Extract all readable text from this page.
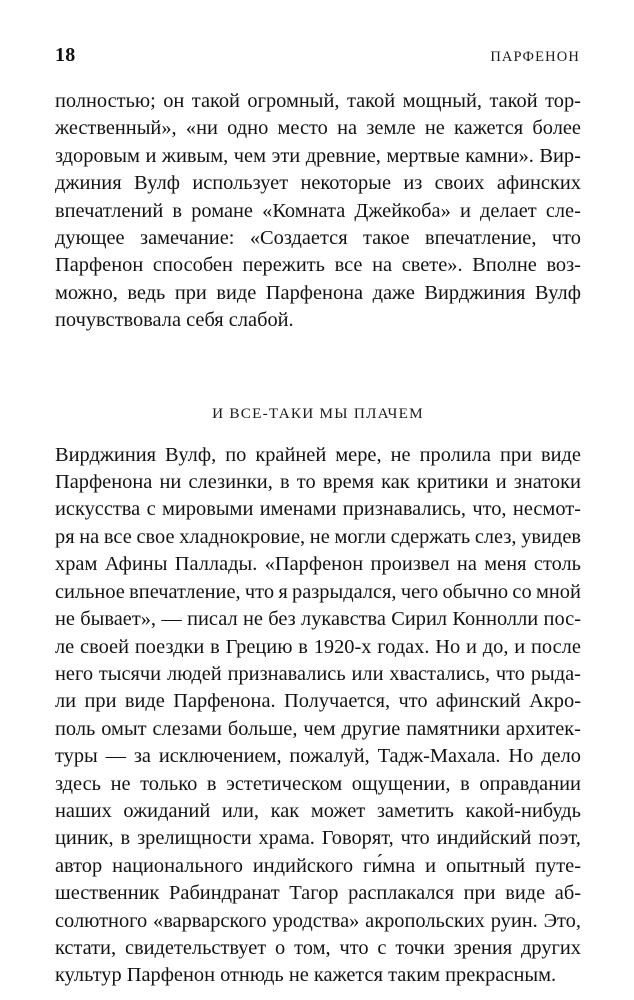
18	ПАРФЕНОН

полностью; он такой огромный, такой мощный, такой тор-
жественный», «ни одно место на земле не кажется более
здоровым и живым, чем эти древние, мертвые камни». Вир-
джиния Вулф использует некоторые из своих афинских
впечатлений в романе «Комната Джейкоба» и делает сле-
дующее замечание: «Создается такое впечатление, что
Парфенон способен пережить все на свете». Вполне воз-
можно, ведь при виде Парфенона даже Вирджиния Вулф
почувствовала себя слабой.

И ВСЕ-ТАКИ МЫ ПЛАЧЕМ

Вирджиния Вулф, по крайней мере, не пролила при виде
Парфенона ни слезинки, в то время как критики и знатоки
искусства с мировыми именами признавались, что, несмот-
ря на все свое хладнокровие, не могли сдержать слез, увидев
храм Афины Паллады. «Парфенон произвел на меня столь
сильное впечатление, что я разрыдался, чего обычно со мной
не бывает», — писал не без лукавства Сирил Коннолли пос-
ле своей поездки в Грецию в 1920-х годах. Но и до, и после
него тысячи людей признавались или хвастались, что рыда-
ли при виде Парфенона. Получается, что афинский Акро-
поль омыт слезами больше, чем другие памятники архитек-
туры — за исключением, пожалуй, Тадж-Махала. Но дело
здесь не только в эстетическом ощущении, в оправдании
наших ожиданий или, как может заметить какой-нибудь
циник, в зрелищности храма. Говорят, что индийский поэт,
автор национального индийского ги́мна и опытный путе-
шественник Рабиндранат Тагор расплакался при виде аб-
солютного «варварского уродства» акропольских руин. Это,
кстати, свидетельствует о том, что с точки зрения других
культур Парфенон отнюдь не кажется таким прекрасным.
